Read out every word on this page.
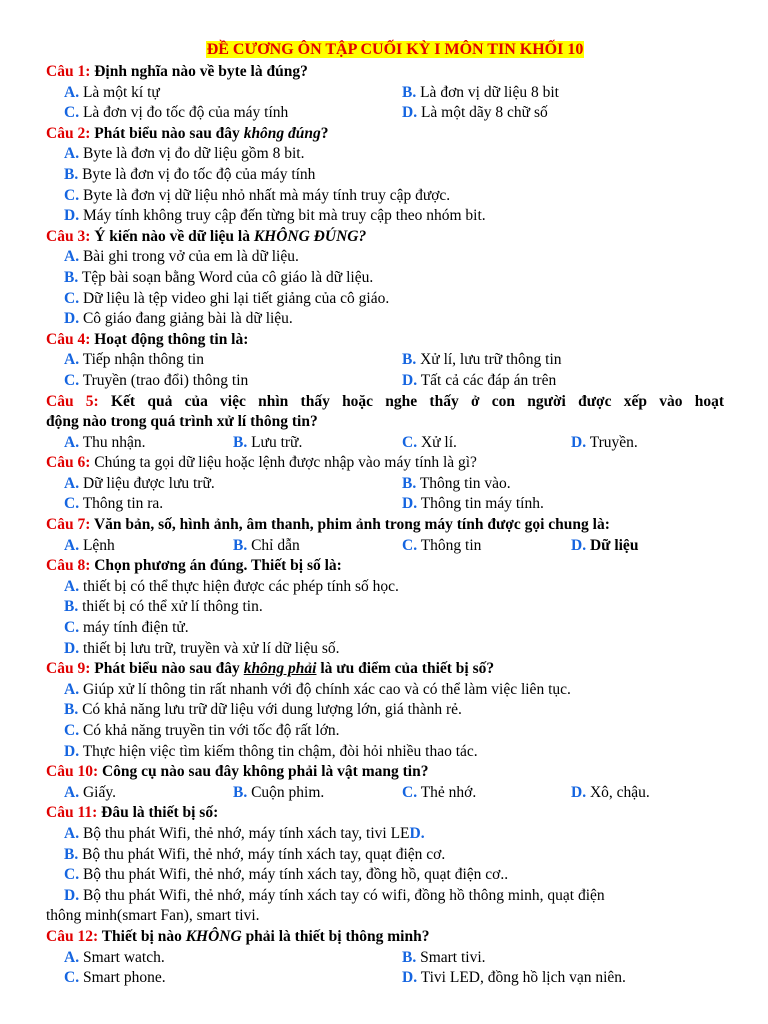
ĐỀ CƯƠNG ÔN TẬP CUỐI KỲ I MÔN TIN KHỐI 10
Câu 1: Định nghĩa nào về byte là đúng?
A. Là một kí tự	B. Là đơn vị dữ liệu 8 bit
C. Là đơn vị đo tốc độ của máy tính	D. Là một dãy 8 chữ số
Câu 2: Phát biểu nào sau đây không đúng?
A. Byte là đơn vị đo dữ liệu gồm 8 bit.
B. Byte là đơn vị đo tốc độ của máy tính
C. Byte là đơn vị dữ liệu nhỏ nhất mà máy tính truy cập được.
D. Máy tính không truy cập đến từng bit mà truy cập theo nhóm bit.
Câu 3: Ý kiến nào về dữ liệu là KHÔNG ĐÚNG?
A. Bài ghi trong vở của em là dữ liệu.
B. Tệp bài soạn bằng Word của cô giáo là dữ liệu.
C. Dữ liệu là tệp video ghi lại tiết giảng của cô giáo.
D. Cô giáo đang giảng bài là dữ liệu.
Câu 4: Hoạt động thông tin là:
A. Tiếp nhận thông tin	B. Xử lí, lưu trữ thông tin
C. Truyền (trao đổi) thông tin	D. Tất cả các đáp án trên
Câu 5: Kết quả của việc nhìn thấy hoặc nghe thấy ở con người được xếp vào hoạt
động nào trong quá trình xử lí thông tin?
A. Thu nhận.	B. Lưu trữ.	C. Xử lí.	D. Truyền.
Câu 6: Chúng ta gọi dữ liệu hoặc lệnh được nhập vào máy tính là gì?
A. Dữ liệu được lưu trữ.	B. Thông tin vào.
C. Thông tin ra.	D. Thông tin máy tính.
Câu 7: Văn bản, số, hình ảnh, âm thanh, phim ảnh trong máy tính được gọi chung là:
A. Lệnh	B. Chỉ dẫn	C. Thông tin	D. Dữ liệu
Câu 8: Chọn phương án đúng. Thiết bị số là:
A. thiết bị có thể thực hiện được các phép tính số học.
B. thiết bị có thể xử lí thông tin.
C. máy tính điện tử.
D. thiết bị lưu trữ, truyền và xử lí dữ liệu số.
Câu 9: Phát biểu nào sau đây không phải là ưu điểm của thiết bị số?
A. Giúp xử lí thông tin rất nhanh với độ chính xác cao và có thể làm việc liên tục.
B. Có khả năng lưu trữ dữ liệu với dung lượng lớn, giá thành rẻ.
C. Có khả năng truyền tin với tốc độ rất lớn.
D. Thực hiện việc tìm kiếm thông tin chậm, đòi hỏi nhiều thao tác.
Câu 10: Công cụ nào sau đây không phải là vật mang tin?
A. Giấy.	B. Cuộn phim.	C. Thẻ nhớ.	D. Xô, chậu.
Câu 11: Đâu là thiết bị số:
A. Bộ thu phát Wifi, thẻ nhớ, máy tính xách tay, tivi LED.
B. Bộ thu phát Wifi, thẻ nhớ, máy tính xách tay, quạt điện cơ.
C. Bộ thu phát Wifi, thẻ nhớ, máy tính xách tay, đồng hồ, quạt điện cơ..
D. Bộ thu phát Wifi, thẻ nhớ, máy tính xách tay có wifi, đồng hồ thông minh, quạt điện
thông minh(smart Fan), smart tivi.
Câu 12: Thiết bị nào KHÔNG phải là thiết bị thông minh?
A. Smart watch.	B. Smart tivi.
C. Smart phone.	D. Tivi LED, đồng hồ lịch vạn niên.
